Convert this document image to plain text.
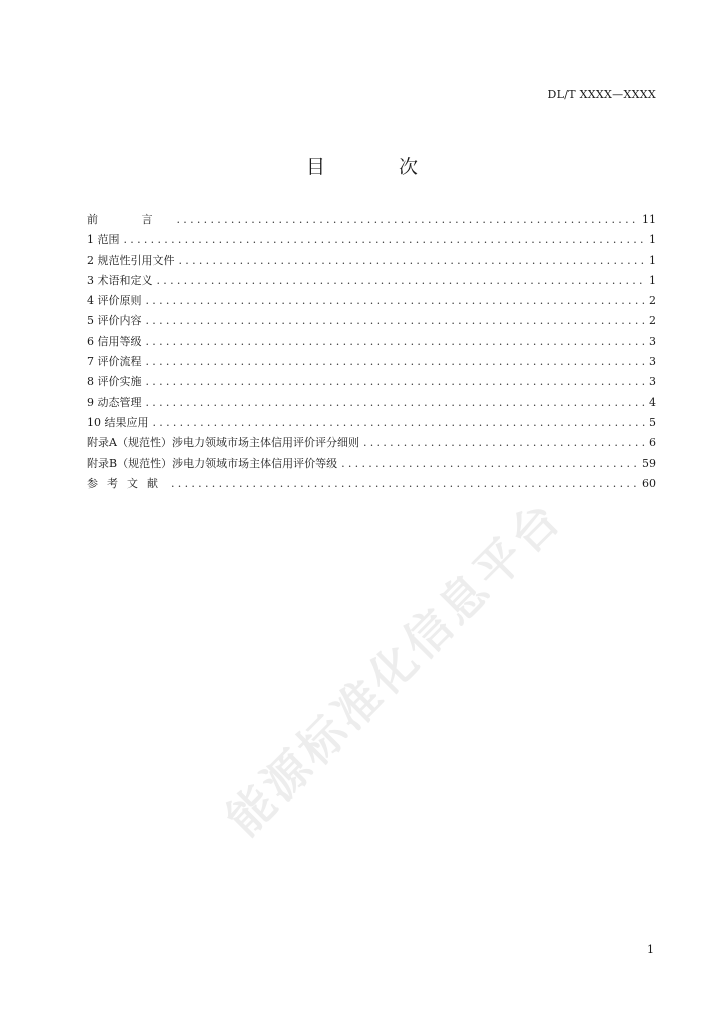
DL/T XXXX—XXXX
目 次
前 言 .....	11
1 范围 .....	1
2 规范性引用文件 .....	1
3 术语和定义 .....	1
4 评价原则 .....	2
5 评价内容 .....	2
6 信用等级 .....	3
7 评价流程 .....	3
8 评价实施 .....	3
9 动态管理 .....	4
10 结果应用 .....	5
附录A（规范性）涉电力领域市场主体信用评价评分细则 .....	6
附录B（规范性）涉电力领域市场主体信用评价等级 .....	59
参考文献 .....	60
能源标准化信息平台
1
